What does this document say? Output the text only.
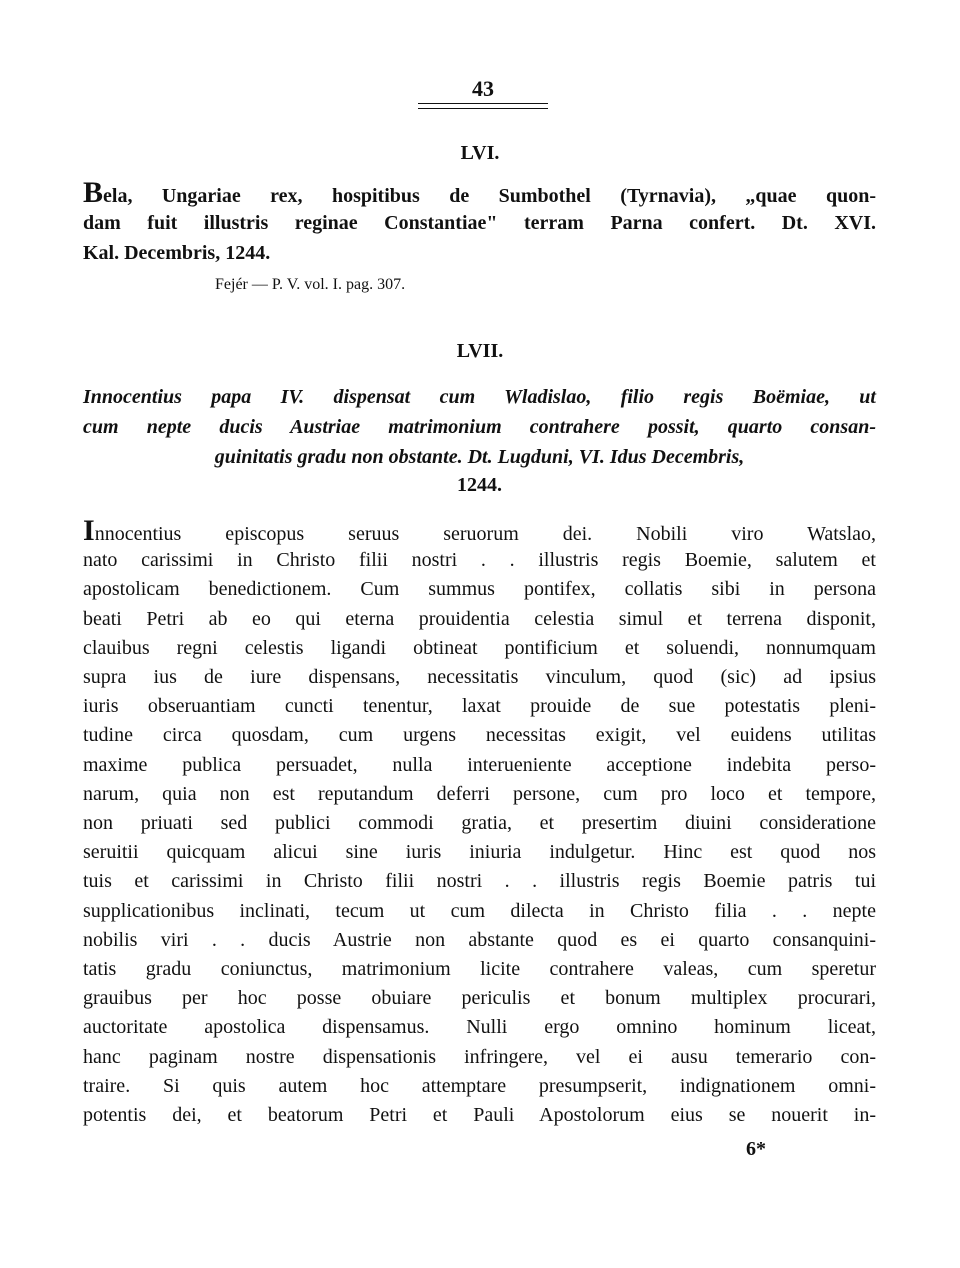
43
LVI.
Bela, Ungariae rex, hospitibus de Sumbothel (Tyrnavia), „quae quon-
dam fuit illustris reginae Constantiae" terram Parna confert. Dt. XVI.
Kal. Decembris, 1244.
Fejér — P. V. vol. I. pag. 307.
LVII.
Innocentius papa IV. dispensat cum Wladislao, filio regis Boëmiae, ut
cum nepte ducis Austriae matrimonium contrahere possit, quarto consan-
guinitatis gradu non obstante. Dt. Lugduni, VI. Idus Decembris,
1244.
Innocentius episcopus seruus seruorum dei. Nobili viro Watslao,
nato carissimi in Christo filii nostri . . illustris regis Boemie, salutem et
apostolicam benedictionem. Cum summus pontifex, collatis sibi in persona
beati Petri ab eo qui eterna prouidentia celestia simul et terrena disponit,
clauibus regni celestis ligandi obtineat pontificium et soluendi, nonnumquam
supra ius de iure dispensans, necessitatis vinculum, quod (sic) ad ipsius
iuris obseruantiam cuncti tenentur, laxat prouide de sue potestatis pleni-
tudine circa quosdam, cum urgens necessitas exigit, vel euidens utilitas
maxime publica persuadet, nulla interueniente acceptione indebita perso-
narum, quia non est reputandum deferri persone, cum pro loco et tempore,
non priuati sed publici commodi gratia, et presertim diuini consideratione
seruitii quicquam alicui sine iuris iniuria indulgetur. Hinc est quod nos
tuis et carissimi in Christo filii nostri . . illustris regis Boemie patris tui
supplicationibus inclinati, tecum ut cum dilecta in Christo filia . . nepte
nobilis viri . . ducis Austrie non abstante quod es ei quarto consanquini-
tatis gradu coniunctus, matrimonium licite contrahere valeas, cum speretur
grauibus per hoc posse obuiare periculis et bonum multiplex procurari,
auctoritate apostolica dispensamus. Nulli ergo omnino hominum liceat,
hanc paginam nostre dispensationis infringere, vel ei ausu temerario con-
traire. Si quis autem hoc attemptare presumpserit, indignationem omni-
potentis dei, et beatorum Petri et Pauli Apostolorum eius se nouerit in-
6*
